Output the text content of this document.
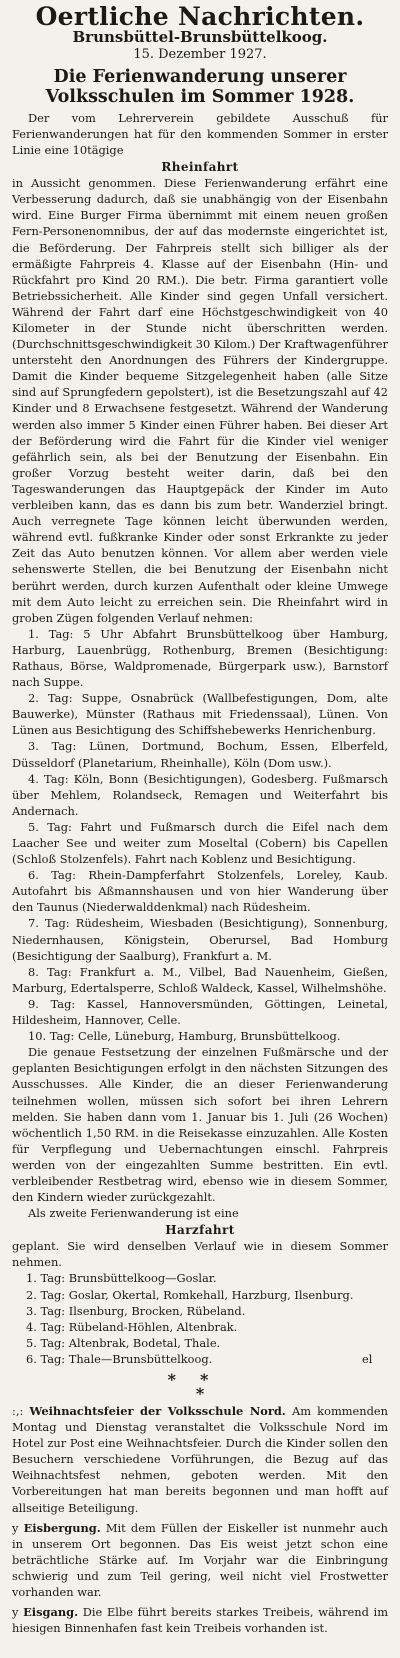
Oertliche Nachrichten.
Brunsbüttel-Brunsbüttelkoog.
15. Dezember 1927.
Die Ferienwanderung unserer Volksschulen im Sommer 1928.

Der vom Lehrerverein gebildete Ausschuß für Ferienwanderungen hat für den kommenden Sommer in erster Linie eine 10tägige

Rheinfahrt

in Aussicht genommen. Diese Ferienwanderung erfährt eine Verbesserung dadurch, daß sie unabhängig von der Eisenbahn wird. Eine Burger Firma übernimmt mit einem neuen großen Fern-Personenomnibus, der auf das modernste eingerichtet ist, die Beförderung. Der Fahrpreis stellt sich billiger als der ermäßigte Fahrpreis 4. Klasse auf der Eisenbahn (Hin- und Rückfahrt pro Kind 20 RM.). Die betr. Firma garantiert volle Betriebssicherheit. Alle Kinder sind gegen Unfall versichert. Während der Fahrt darf eine Höchstgeschwindigkeit von 40 Kilometer in der Stunde nicht überschritten werden. (Durchschnittsgeschwindigkeit 30 Kilom.) Der Kraftwagenführer untersteht den Anordnungen des Führers der Kindergruppe. Damit die Kinder bequeme Sitzgelegenheit haben (alle Sitze sind auf Sprungfedern gepolstert), ist die Besetzungszahl auf 42 Kinder und 8 Erwachsene festgesetzt. Während der Wanderung werden also immer 5 Kinder einen Führer haben. Bei dieser Art der Beförderung wird die Fahrt für die Kinder viel weniger gefährlich sein, als bei der Benutzung der Eisenbahn. Ein großer Vorzug besteht weiter darin, daß bei den Tageswanderungen das Hauptgepäck der Kinder im Auto verbleiben kann, das es dann bis zum betr. Wanderziel bringt. Auch verregnete Tage können leicht überwunden werden, während evtl. fußkranke Kinder oder sonst Erkrankte zu jeder Zeit das Auto benutzen können. Vor allem aber werden viele sehenswerte Stellen, die bei Benutzung der Eisenbahn nicht berührt werden, durch kurzen Aufenthalt oder kleine Umwege mit dem Auto leicht zu erreichen sein. Die Rheinfahrt wird in groben Zügen folgenden Verlauf nehmen:

1. Tag: 5 Uhr Abfahrt Brunsbüttelkoog über Hamburg, Harburg, Lauenbrügg, Rothenburg, Bremen (Besichtigung: Rathaus, Börse, Waldpromenade, Bürgerpark usw.), Barnstorf nach Suppe.

2. Tag: Suppe, Osnabrück (Wallbefestigungen, Dom, alte Bauwerke), Münster (Rathaus mit Friedenssaal), Lünen. Von Lünen aus Besichtigung des Schiffshebewerks Henrichenburg.

3. Tag: Lünen, Dortmund, Bochum, Essen, Elberfeld, Düsseldorf (Planetarium, Rheinhalle), Köln (Dom usw.).

4. Tag: Köln, Bonn (Besichtigungen), Godesberg. Fußmarsch über Mehlem, Rolandseck, Remagen und Weiterfahrt bis Andernach.

5. Tag: Fahrt und Fußmarsch durch die Eifel nach dem Laacher See und weiter zum Moseltal (Cobern) bis Capellen (Schloß Stolzenfels). Fahrt nach Koblenz und Besichtigung.

6. Tag: Rhein-Dampferfahrt Stolzenfels, Loreley, Kaub. Autofahrt bis Aßmannshausen und von hier Wanderung über den Taunus (Niederwalddenkmal) nach Rüdesheim.

7. Tag: Rüdesheim, Wiesbaden (Besichtigung), Sonnenburg, Niedernhausen, Königstein, Oberursel, Bad Homburg (Besichtigung der Saalburg), Frankfurt a. M.

8. Tag: Frankfurt a. M., Vilbel, Bad Nauenheim, Gießen, Marburg, Edertalsperre, Schloß Waldeck, Kassel, Wilhelmshöhe.

9. Tag: Kassel, Hannoversmünden, Göttingen, Leinetal, Hildesheim, Hannover, Celle.

10. Tag: Celle, Lüneburg, Hamburg, Brunsbüttelkoog.

Die genaue Festsetzung der einzelnen Fußmärsche und der geplanten Besichtigungen erfolgt in den nächsten Sitzungen des Ausschusses. Alle Kinder, die an dieser Ferienwanderung teilnehmen wollen, müssen sich sofort bei ihren Lehrern melden. Sie haben dann vom 1. Januar bis 1. Juli (26 Wochen) wöchentlich 1,50 RM. in die Reisekasse einzuzahlen. Alle Kosten für Verpflegung und Uebernachtungen einschl. Fahrpreis werden von der eingezahlten Summe bestritten. Ein evtl. verbleibender Restbetrag wird, ebenso wie in diesem Sommer, den Kindern wieder zurückgezahlt.

Als zweite Ferienwanderung ist eine

Harzfahrt

geplant. Sie wird denselben Verlauf wie in diesem Sommer nehmen.

1. Tag: Brunsbüttelkoog—Goslar.
2. Tag: Goslar, Okertal, Romkehall, Harzburg, Ilsenburg.
3. Tag: Ilsenburg, Brocken, Rübeland.
4. Tag: Rübeland-Höhlen, Altenbrak.
5. Tag: Altenbrak, Bodetal, Thale.
6. Tag: Thale—Brunsbüttelkoog.	el
**
*

:,: Weihnachtsfeier der Volksschule Nord. Am kommenden Montag und Dienstag veranstaltet die Volksschule Nord im Hotel zur Post eine Weihnachtsfeier. Durch die Kinder sollen den Besuchern verschiedene Vorführungen, die Bezug auf das Weihnachtsfest nehmen, geboten werden. Mit den Vorbereitungen hat man bereits begonnen und man hofft auf allseitige Beteiligung.

y Eisbergung. Mit dem Füllen der Eiskeller ist nunmehr auch in unserem Ort begonnen. Das Eis weist jetzt schon eine beträchtliche Stärke auf. Im Vorjahr war die Einbringung schwierig und zum Teil gering, weil nicht viel Frostwetter vorhanden war.

y Eisgang. Die Elbe führt bereits starkes Treibeis, während im hiesigen Binnenhafen fast kein Treibeis vorhanden ist.
